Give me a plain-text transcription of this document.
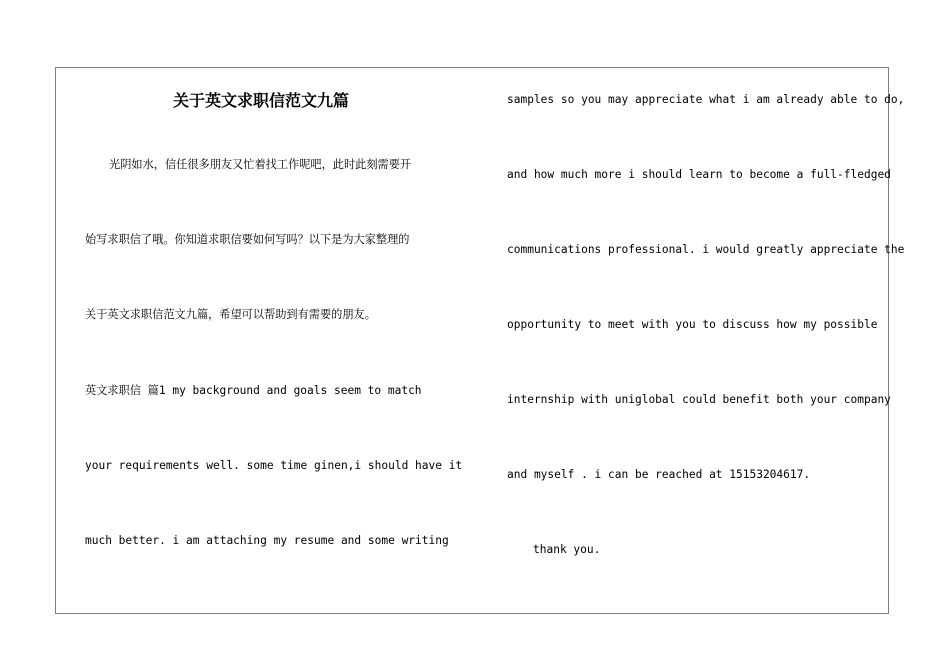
关于英文求职信范文九篇
光阴如水，信任很多朋友又忙着找工作呢吧，此时此刻需要开
始写求职信了哦。你知道求职信要如何写吗？以下是为大家整理的
关于英文求职信范文九篇，希望可以帮助到有需要的朋友。
英文求职信 篇1 my background and goals seem to match
your requirements well. some time ginen,i should have it
much better. i am attaching my resume and some writing
samples so you may appreciate what i am already able to do,
and how much more i should learn to become a full-fledged
communications professional. i would greatly appreciate the
opportunity to meet with you to discuss how my possible
internship with uniglobal could benefit both your company
and myself . i can be reached at 15153204617.
thank you.
